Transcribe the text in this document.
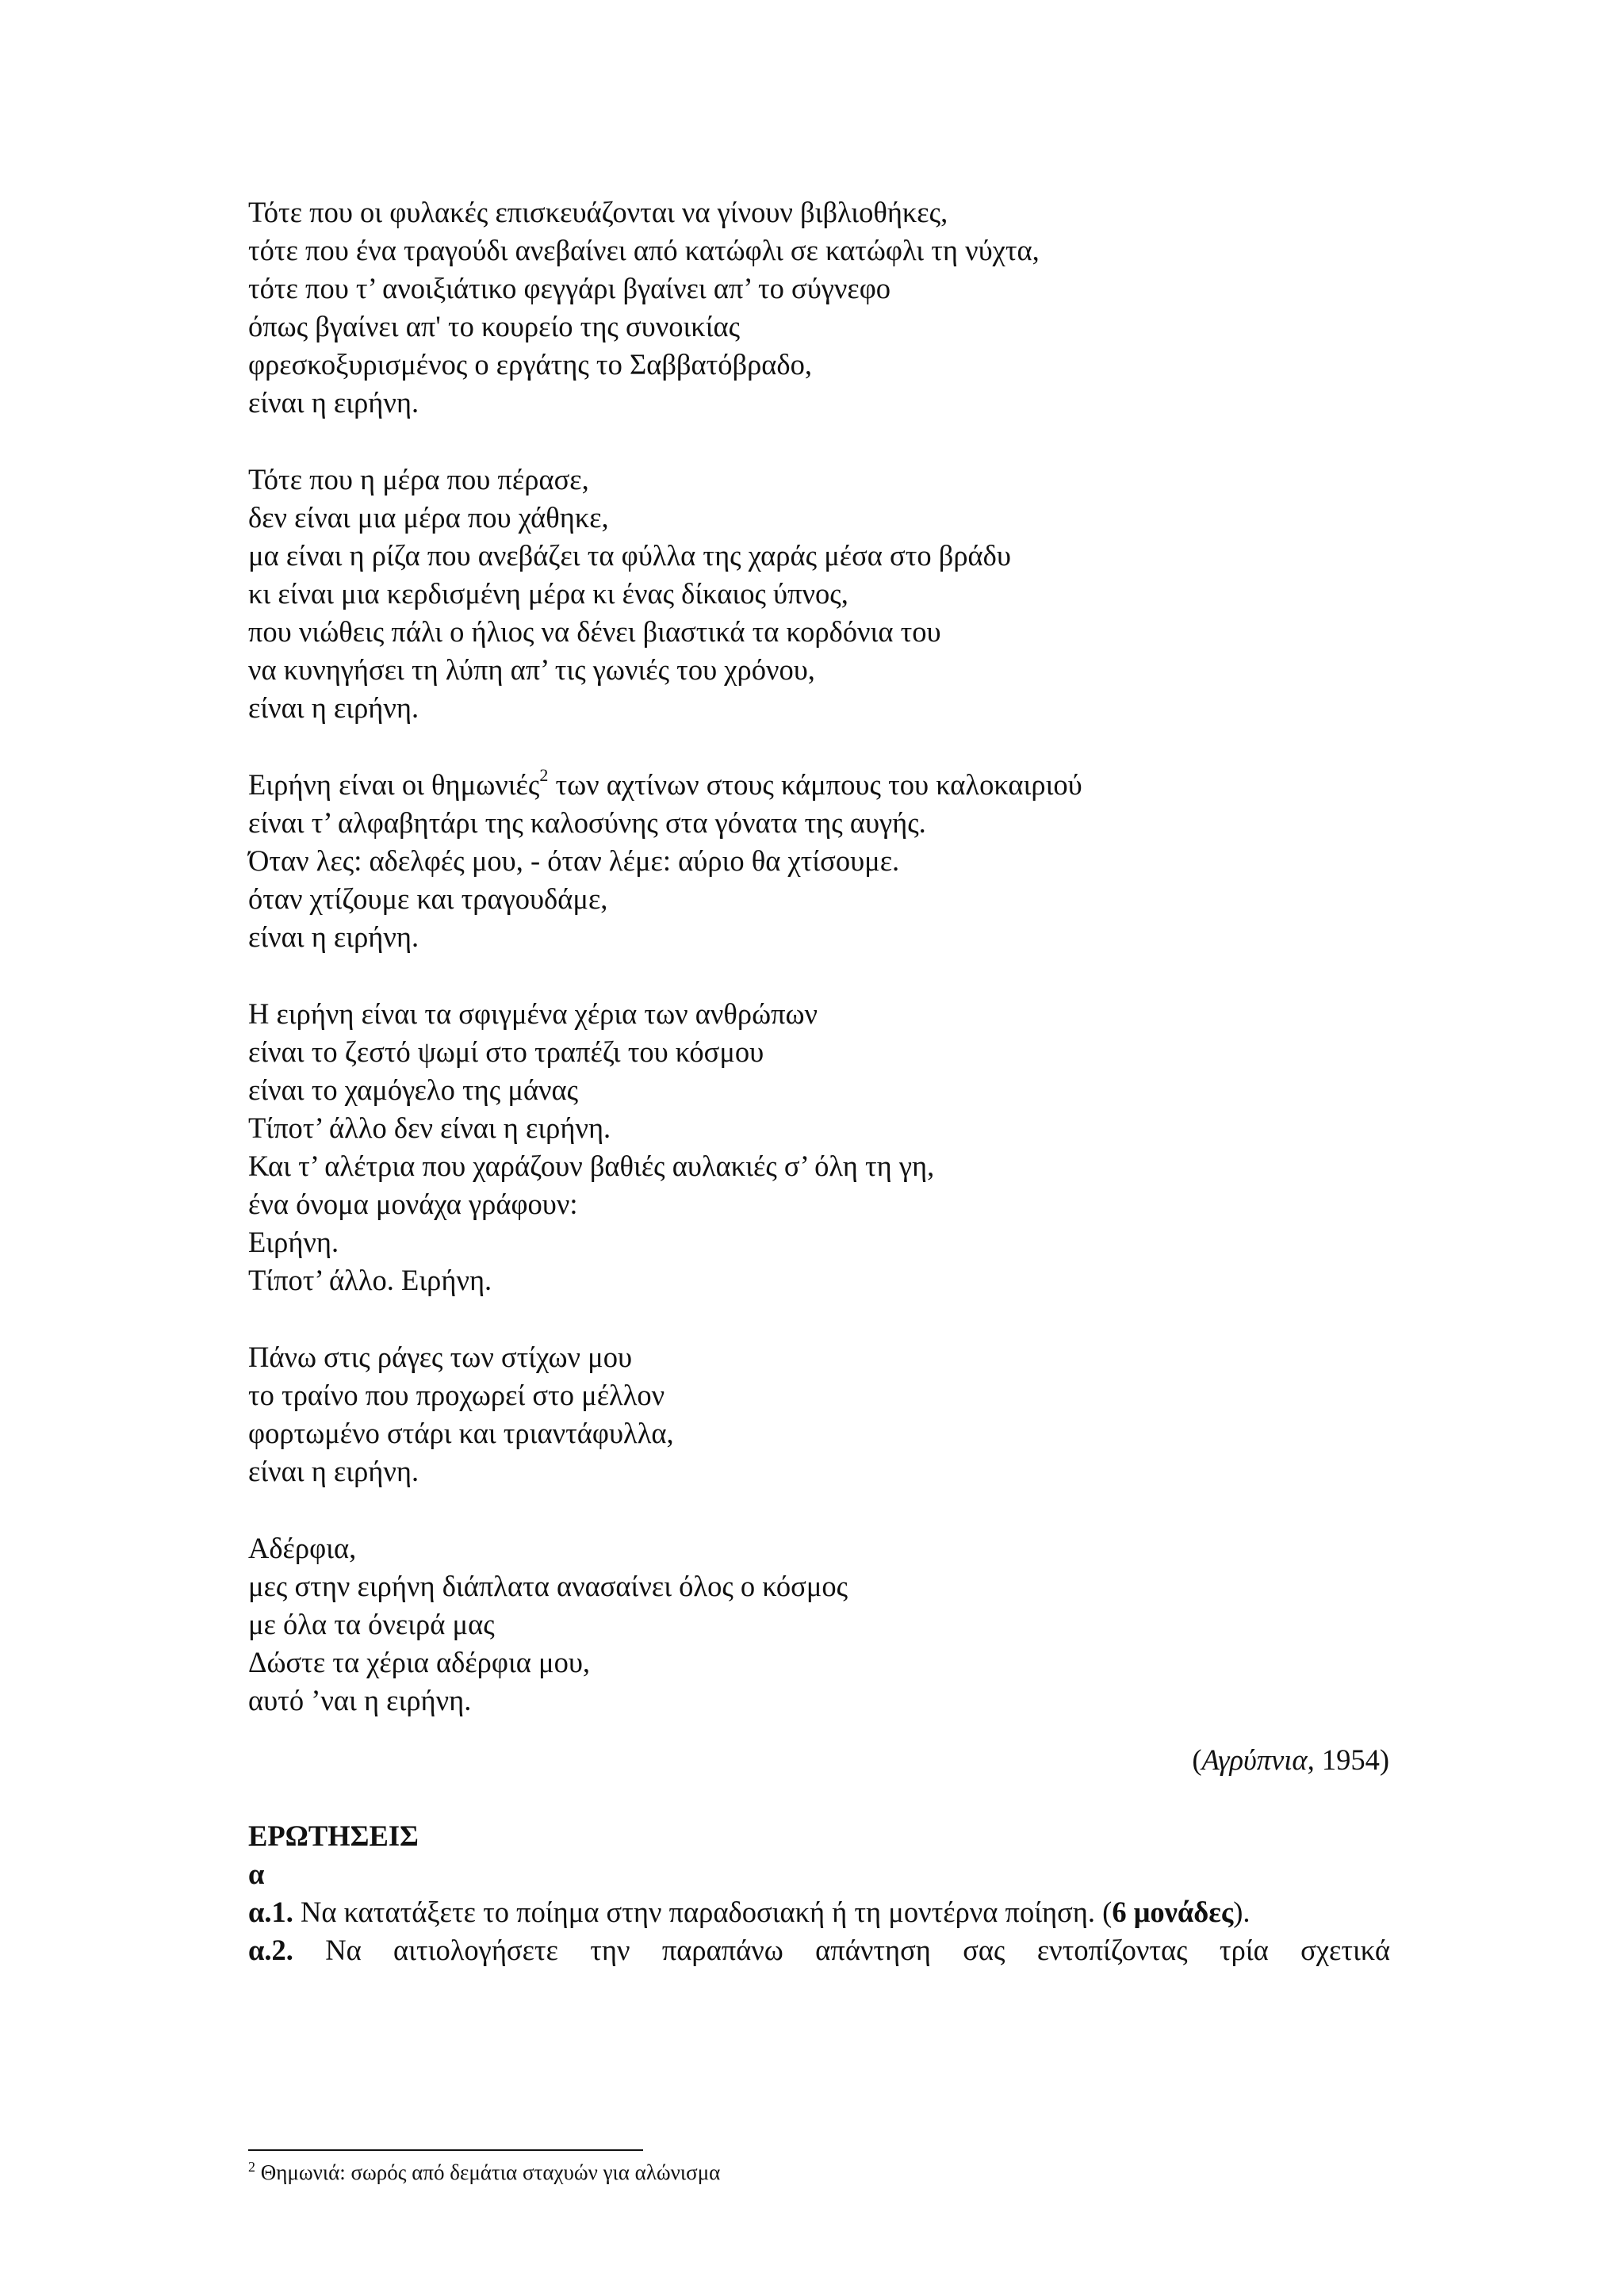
Τότε που οι φυλακές επισκευάζονται να γίνουν βιβλιοθήκες,
τότε που ένα τραγούδι ανεβαίνει από κατώφλι σε κατώφλι τη νύχτα,
τότε που τ’ ανοιξιάτικο φεγγάρι βγαίνει απ’ το σύγνεφο
όπως βγαίνει απ' το κουρείο της συνοικίας
φρεσκοξυρισμένος ο εργάτης το Σαββατόβραδο,
είναι η ειρήνη.
Τότε που η μέρα που πέρασε,
δεν είναι μια μέρα που χάθηκε,
μα είναι η ρίζα που ανεβάζει τα φύλλα της χαράς μέσα στο βράδυ
κι είναι μια κερδισμένη μέρα κι ένας δίκαιος ύπνος,
που νιώθεις πάλι ο ήλιος να δένει βιαστικά τα κορδόνια του
να κυνηγήσει τη λύπη απ’ τις γωνιές του χρόνου,
είναι η ειρήνη.
Ειρήνη είναι οι θημωνιές$^2$ των αχτίνων στους κάμπους του καλοκαιριού
είναι τ’ αλφαβητάρι της καλοσύνης στα γόνατα της αυγής.
Όταν λες: αδελφές μου, - όταν λέμε: αύριο θα χτίσουμε.
όταν χτίζουμε και τραγουδάμε,
είναι η ειρήνη.
Η ειρήνη είναι τα σφιγμένα χέρια των ανθρώπων
είναι το ζεστό ψωμί στο τραπέζι του κόσμου
είναι το χαμόγελο της μάνας
Τίποτ’ άλλο δεν είναι η ειρήνη.
Και τ’ αλέτρια που χαράζουν βαθιές αυλακιές σ’ όλη τη γη,
ένα όνομα μονάχα γράφουν:
Ειρήνη.
Τίποτ’ άλλο. Ειρήνη.
Πάνω στις ράγες των στίχων μου
το τραίνο που προχωρεί στο μέλλον
φορτωμένο στάρι και τριαντάφυλλα,
είναι η ειρήνη.
Αδέρφια,
μες στην ειρήνη διάπλατα ανασαίνει όλος ο κόσμος
με όλα τα όνειρά μας
Δώστε τα χέρια αδέρφια μου,
αυτό ’ναι η ειρήνη.
(Αγρύπνια, 1954)
ΕΡΩΤΗΣΕΙΣ
α
α.1. Να κατατάξετε το ποίημα στην παραδοσιακή ή τη μοντέρνα ποίηση. (6 μονάδες).
α.2. Να αιτιολογήσετε την παραπάνω απάντηση σας εντοπίζοντας τρία σχετικά
$^2$ Θημωνιά: σωρός από δεμάτια σταχυών για αλώνισμα
